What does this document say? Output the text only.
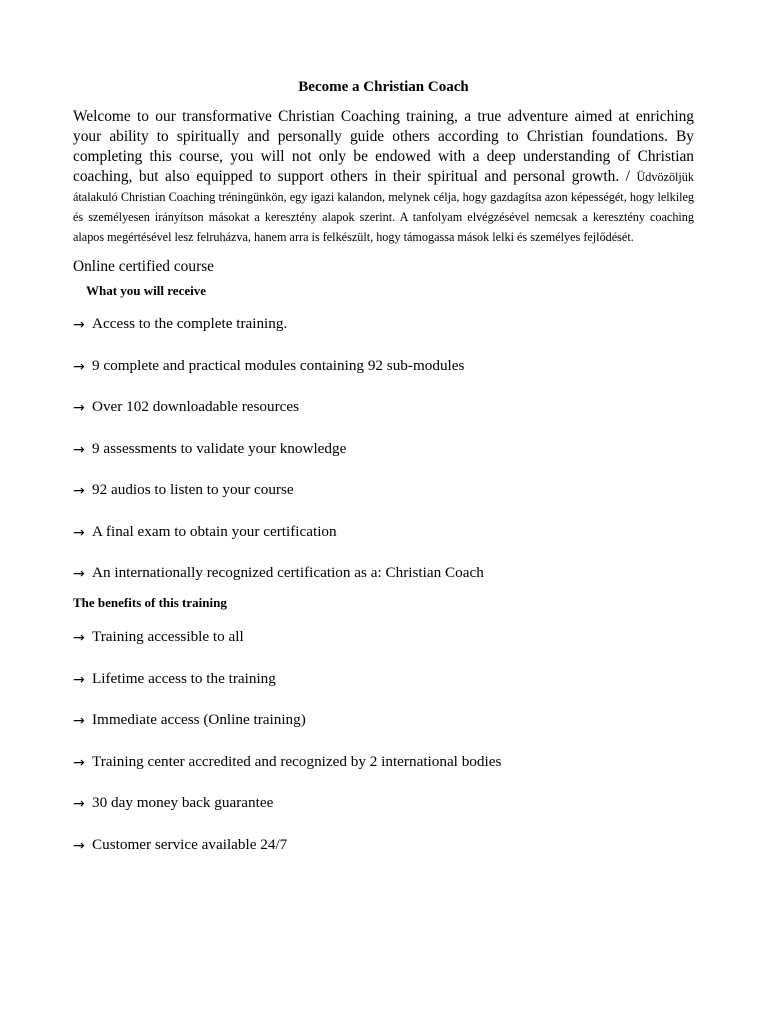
Become a Christian Coach

Welcome to our transformative Christian Coaching training, a true adventure aimed at enriching your ability to spiritually and personally guide others according to Christian foundations. By completing this course, you will not only be endowed with a deep understanding of Christian coaching, but also equipped to support others in their spiritual and personal growth. / Üdvözöljük átalakuló Christian Coaching tréningünkön, egy igazi kalandon, melynek célja, hogy gazdagítsa azon képességét, hogy lelkileg és személyesen irányítson másokat a keresztény alapok szerint. A tanfolyam elvégzésével nemcsak a keresztény coaching alapos megértésével lesz felruházva, hanem arra is felkészült, hogy támogassa mások lelki és személyes fejlődését.

Online certified course

What you will receive
→ Access to the complete training.
→ 9 complete and practical modules containing 92 sub-modules
→ Over 102 downloadable resources
→ 9 assessments to validate your knowledge
→ 92 audios to listen to your course
→ A final exam to obtain your certification
→ An internationally recognized certification as a: Christian Coach
The benefits of this training
→ Training accessible to all
→ Lifetime access to the training
→ Immediate access (Online training)
→ Training center accredited and recognized by 2 international bodies
→ 30 day money back guarantee
→ Customer service available 24/7
